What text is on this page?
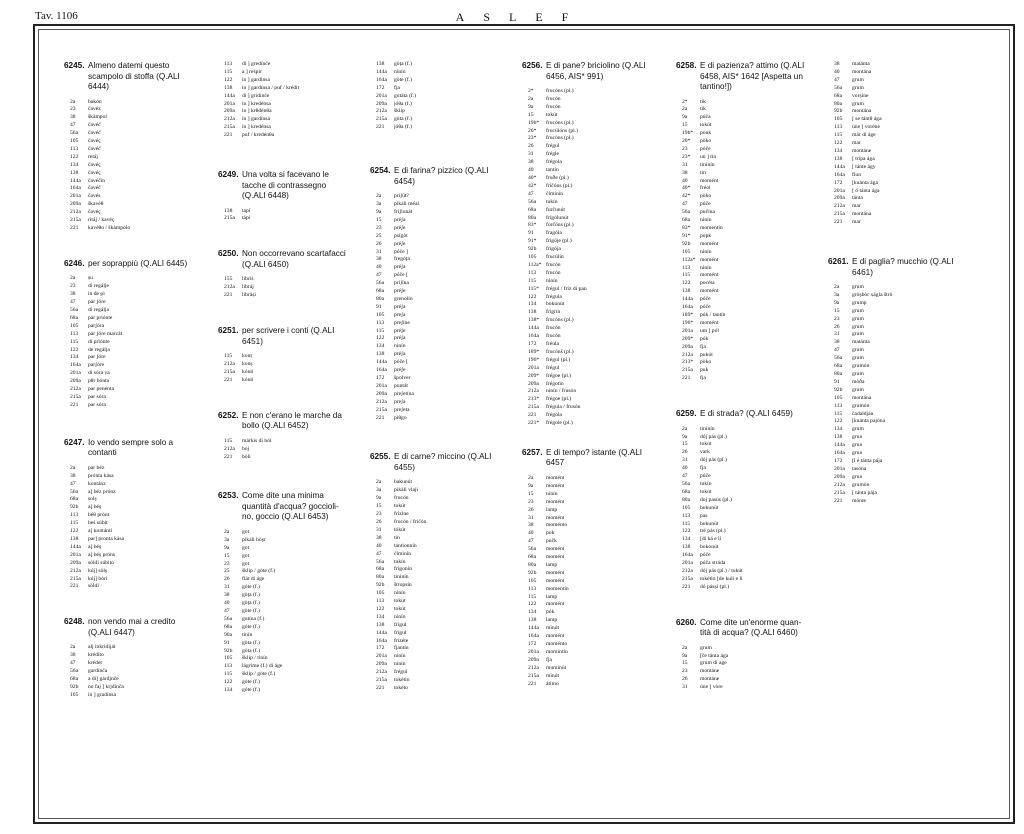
Tav. 1106	ASLEF
6245. Almeno datemi questo scampolo di stoffa (Q.ALI 6444)
2a	bakón
23	čavéz
38	škàmpol
47	čavéč
56a	čavéč
105	čavéç
113	čavéč
122	retáj
134	čavéç
138	čavéç
144a	čavéčin
164a	čavéč
201a	čavés
209a	škavéθ
212a	čavéç
215a	ritáj / kavéç
221	kavéθo / škàmpolo
6246. per soprappiù (Q.ALI 6445)
2a	ṣu
23	di regálje
38	in đe pi
47	par ʃóre
56a	di regálja
68a	par priónte
105	parʃóra
113	par ʃóre marcât
115	di prìónte
122	de regálja
134	par ʃóre
164a	parʃóre
201a	di sóra ṿa
209a	pθr bónta
212a	par penénta
215a	par sóra
221	par sóra
6247. Io vendo sempre solo a contanti
2a	par béz
38	prónta kása
47	kontánz
56a	a] béz prónz
68a	solș
92b	a] béș
113	béθ prónt
115	beś súbit
122	a] kontánti
138	par] pronta kása
144a	a] béș
201a	a] béș próns
209a	sòldi súbito
212a	kúj] sòlș
215a	kúj] bòri
221	sòldi
6248. non vendo mai a credito (Q.ALI 6447)
2a	alj inkridiját
38	krédito
47	krédet
56a	gardínča
68a	a di] gárdjnče
92b	no faj ] krjdínča
105	in ] gradínsa
113	di ] gredínče
115	a ] reśpír
122	in ] gardínsa
138	in ] gardínsa / puf / krédit
144a	di ] gridínče
201a	in ] kredénsa
209a	in ] krθdénθa
212a	in ] gardínsa
215a	in ] kredénsa
221	puf / kredénθa
6249. Una volta si facevano le tacche di contrassegno (Q.ALI 6448)
138	tapí
215a	tápi
6250. Non occorrevano scartafacci (Q.ALI 6450)
155	libriś
212a	libráj
221	libráṣi
6251. per scrivere i conti (Q.ALI 6451)
115	konț
212a	konș
215a	kónti
221	kónti
6252. E non c'erano le marche da bollo (Q.ALI 6452)
115	márkis di ból
212a	boj
221	bòli
6253. Come dite una minima quantità d'acqua? goccioli-no, goccio (Q.ALI 6453)
2a	got
3a	pikáli bòșr
9a	got
15	got
23	got
25	šklip / gòte (f.)
26	flát di áge
31	góte (f.)
38	gòța (f.)
40	gòța (f.)
47	gòte (f.)
56a	gutína (f.)
68a	góte (f.)
90a	tinín
91	gòta (f.)
92b	gòta (f.)
105	šklip / tinín
113	lágrime (f.) di áge
115	šklip / gòte (f.)
122	góte (f.)
134	góte (f.)
138	gòța (f.)
144a	ninín
164a	gòte (f.)
172	fja
201a	gutáta (f.)
209a	jóθa (f.)
212a	šklip
215a	gòta (f.)
221	jóθa (f.)
6254. E di farina? pizzico (Q.ALI 6454)
2a	priʃút?
3a	pikáli méal
9a	friʃiunát
15	préʃa
23	préʃe
25	psígòt
26	préʃe
31	póče ]
38	fregóța
40	préʃa
47	póče [
56a	priʃína
68a	préʃe
80a	grenolín
91	préʃa
105	preʃa
113	preʃíne
115	préʃe
122	préʃa
134	ninín
138	préʃa
144a	póče [
164a	préʃe
172	špolver
201a	puntát
209a	preʃetína
212a	preʃa
215a	preʃeta
221	piθgo
6255. E di carne? miccino (Q.ALI 6455)
2a	bakunút
3a	pikáli vlaji
9a	frucón
15	tokút
23	frizíne
26	frucón / fričón
31	tókút
38	tin
40	tantionnín
47	čiminín
56a	tukín
68a	frigonín
80a	tininín
92b	štropsín
105	ninín
113	tokút
122	tokút
134	ninín
138	frígul
144a	frígul
164a	frizéte
172	fjantín
201a	ninín
209a	ninín
212a	frégul
215a	tokétin
221	tokéto
6256. E di pane? briciolino (Q.ALI 6456, AIS* 991)
2*	frucóns (pl.)
2a	frucón
9a	frucón
15	tokút
19b*	frucóns (pl.)
20*	frucúlóns (pl.)
23*	frucóns (pl.)
26	frégul
31	frégle
38	frégola
40	tantín
40*	fruðe (pl.)
42*	fričóns (pl.)
47	čiminín
56a	tukín
68a	furčunút
80a	frigólunút
83*	forčóns (pl.)
91	fragóla
91*	frigóje (pl.)
92b	frigója
105	frucúlin
112a* frucón
113	frucón
115	ninín
115*	frégul / friz di pan
122	frégula
134	bokunút
138	frigrín
138*	frucóns (pl.)
144a	frucón
164a	frucón
172	fréula
189*	frucónš (pl.)
196*	frégul (pl.)
201a	frégul
209*	frégoe (pl.)
209a	frégotìn
212a	ninín / frusón
213*	frégoe (pl.)
215a	frégula / frusón
221	frégola
221*	frégole (pl.)
6257. E di tempo? istante (Q.ALI 6457
2a	momént
9a	momént
15	ninín
23	momént
26	lamp
31	momént
38	moménto
40	pok
47	pučk
56a	momént
68a	momént
80a	lamp
92b	momént
105	momént
113	momentín
115	lamp
122	momént
134	pók
138	lamp
144a	minút
164a	momént
172	moménto
201a	momintín
209a	fja
212a	muminút
215a	minút
221	átimo
6258. E di pazienza? attimo (Q.ALI 6458, AIS* 1642 [Aspetta un tantino!])
2*	tik
2a	tik
9a	púča
15	tokút
19b*	pouk
20*	pòko
23	póče
23*	un ] tin
31	tininín
38	tin
40	momént
40*	fréol
42*	pòko
47	púče
56a	pučína
68a	ninín
83*	momentín
91*	popk
92b	momént
105	ninín
112a* momént
113	ninín
115	momént
122	pocéta
138	momént
144a	póče
164a	póče
189*	púk / tantín
196*	momént
201a	um ] pól
209*	pók
209a	fja
212a	pukút
213*	pòko
215a	puk
221	fja
6259. E di strada? (Q.ALI 6459)
2a	tininín
9a	dój pás (pl.)
15	tokút
26	vark
31	dój pás (pl.)
40	fja
47	púče
56a	tukín
68a	tokút
80a	doj pasús (pl.)
105	bokunút
113	pas
115	bokunút
122	tré pás (pl.)
134	[di ká e li
138	bokonút
164a	póče
201a	púča stráda
212a	dój pás (pl.) / tukút
215a	tokétin [de kuli e li
221	dó pásṣi (pl.)
6260. Come dite un'enorme quan-tità di acqua? (Q.ALI 6460)
2a	grum
9a	[če tánta ága
15	grum di age
23	montáne
26	montáne
31	úne ] vòre
38	matánta
40	montána
47	grum
56a	grum
68a	vorṣíne
80a	grum
92b	montána
105	[ se tántθ ága
113	úne ] vorène
115	már di áge
122	mar
134	montáne
138	[ trípa ága
144a	[ tánte ágy
164a	flun
172	[kuánta ága
201a	[ ó tánta ága
209a	tánta
212a	mar
215a	montána
221	mar
6261. E di paglia? mucchio (Q.ALI 6461)
2a	grum
3a	gròșbòr xágla štrò
9a	grump
15	grum
23	grum
26	grum
31	grum
38	matánta
47	grum
56a	grum
68a	grumón
80a	grum
91	mòða
92b	grum
105	montána
113	grumón
115	čadaldjáu
122	[kuánta pajóna
134	grum
138	grun
144a	grun
164a	grun
172	[l é tánta pája
201a	tasóna
209a	grun
212a	grumón
215a	[ tánta pája
221	mónte
